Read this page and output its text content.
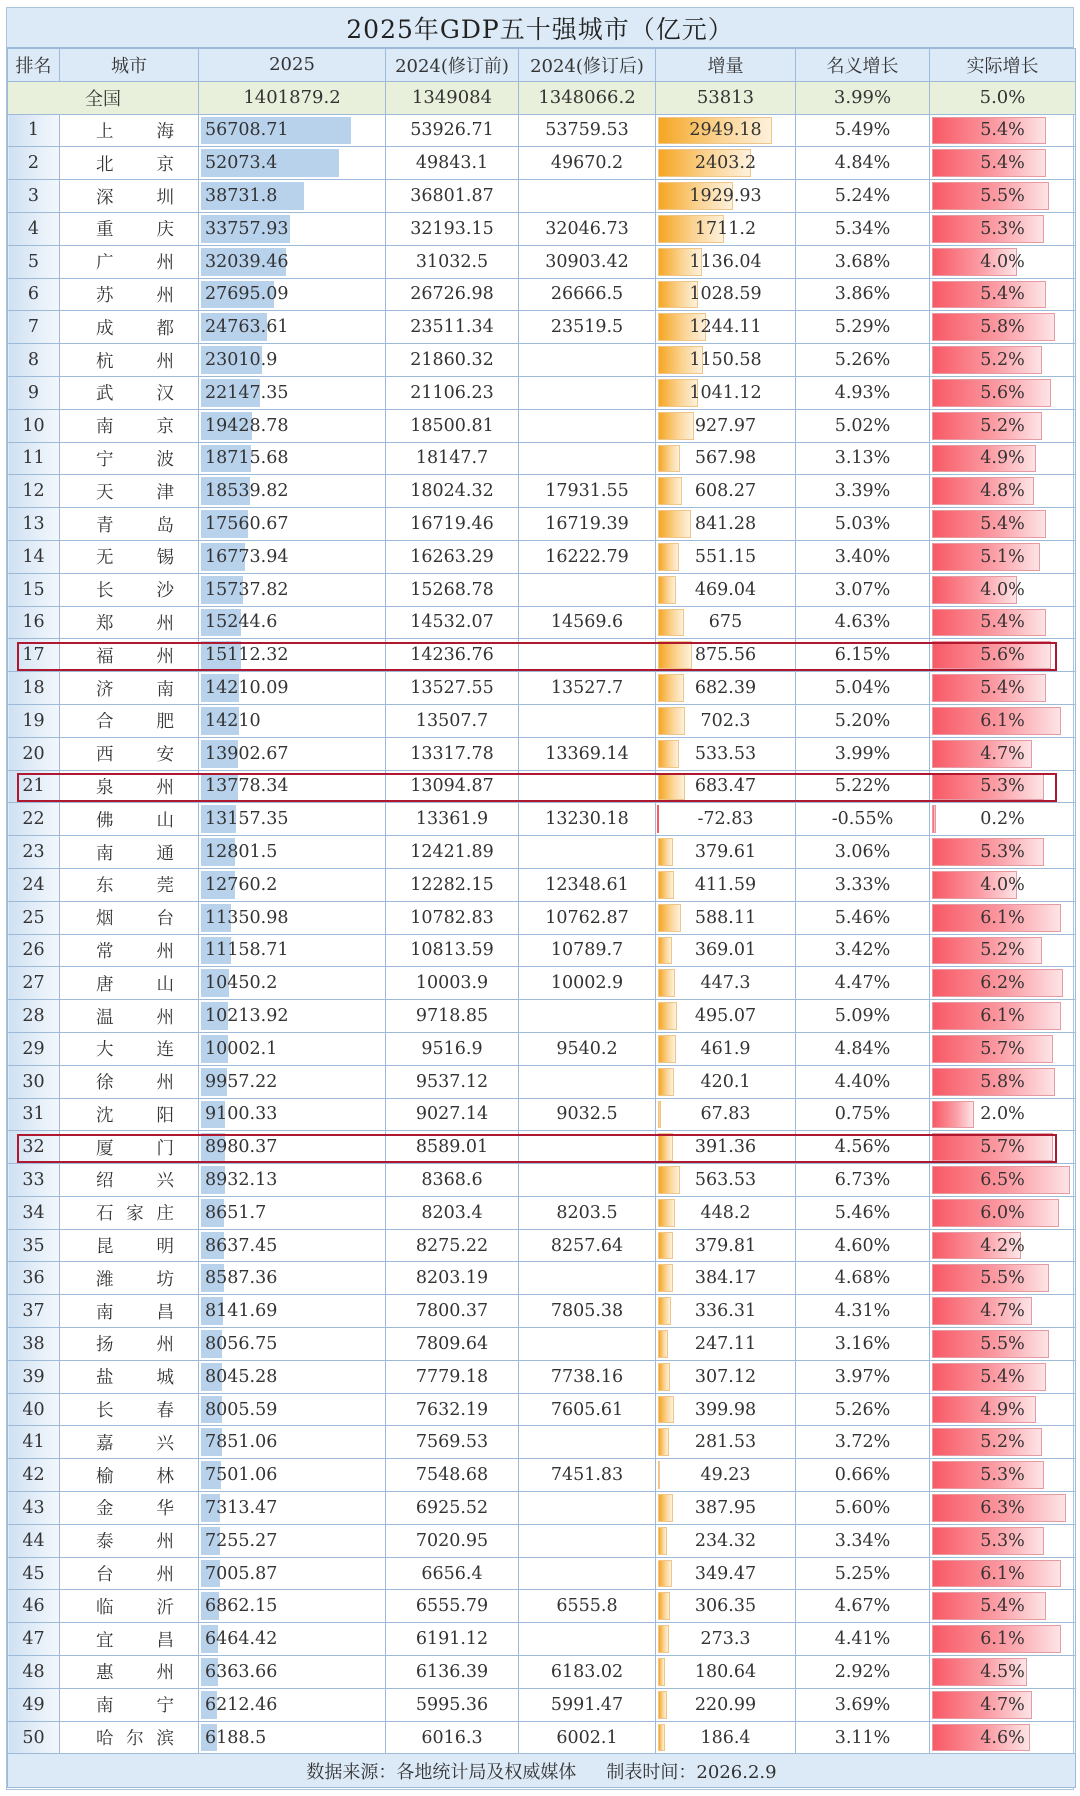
2025年GDP五十强城市（亿元）
排名	城市	2025	2024(修订前)	2024(修订后)	增量	名义增长	实际增长
全国		1401879.2	1349084	1348066.2	53813	3.99%	5.0%
1	上 海	56708.71	53926.71	53759.53	2949.18	5.49%	5.4%
2	北 京	52073.4	49843.1	49670.2	2403.2	4.84%	5.4%
3	深 圳	38731.8	36801.87		1929.93	5.24%	5.5%
4	重 庆	33757.93	32193.15	32046.73	1711.2	5.34%	5.3%
5	广 州	32039.46	31032.5	30903.42	1136.04	3.68%	4.0%
6	苏 州	27695.09	26726.98	26666.5	1028.59	3.86%	5.4%
7	成 都	24763.61	23511.34	23519.5	1244.11	5.29%	5.8%
8	杭 州	23010.9	21860.32		1150.58	5.26%	5.2%
9	武 汉	22147.35	21106.23		1041.12	4.93%	5.6%
10	南 京	19428.78	18500.81		927.97	5.02%	5.2%
11	宁 波	18715.68	18147.7		567.98	3.13%	4.9%
12	天 津	18539.82	18024.32	17931.55	608.27	3.39%	4.8%
13	青 岛	17560.67	16719.46	16719.39	841.28	5.03%	5.4%
14	无 锡	16773.94	16263.29	16222.79	551.15	3.40%	5.1%
15	长 沙	15737.82	15268.78		469.04	3.07%	4.0%
16	郑 州	15244.6	14532.07	14569.6	675	4.63%	5.4%
17	福 州	15112.32	14236.76		875.56	6.15%	5.6%
18	济 南	14210.09	13527.55	13527.7	682.39	5.04%	5.4%
19	合 肥	14210	13507.7		702.3	5.20%	6.1%
20	西 安	13902.67	13317.78	13369.14	533.53	3.99%	4.7%
21	泉 州	13778.34	13094.87		683.47	5.22%	5.3%
22	佛 山	13157.35	13361.9	13230.18	-72.83	-0.55%	0.2%
23	南 通	12801.5	12421.89		379.61	3.06%	5.3%
24	东 莞	12760.2	12282.15	12348.61	411.59	3.33%	4.0%
25	烟 台	11350.98	10782.83	10762.87	588.11	5.46%	6.1%
26	常 州	11158.71	10813.59	10789.7	369.01	3.42%	5.2%
27	唐 山	10450.2	10003.9	10002.9	447.3	4.47%	6.2%
28	温 州	10213.92	9718.85		495.07	5.09%	6.1%
29	大 连	10002.1	9516.9	9540.2	461.9	4.84%	5.7%
30	徐 州	9957.22	9537.12		420.1	4.40%	5.8%
31	沈 阳	9100.33	9027.14	9032.5	67.83	0.75%	2.0%
32	厦 门	8980.37	8589.01		391.36	4.56%	5.7%
33	绍 兴	8932.13	8368.6		563.53	6.73%	6.5%
34	石 家 庄	8651.7	8203.4	8203.5	448.2	5.46%	6.0%
35	昆 明	8637.45	8275.22	8257.64	379.81	4.60%	4.2%
36	潍 坊	8587.36	8203.19		384.17	4.68%	5.5%
37	南 昌	8141.69	7800.37	7805.38	336.31	4.31%	4.7%
38	扬 州	8056.75	7809.64		247.11	3.16%	5.5%
39	盐 城	8045.28	7779.18	7738.16	307.12	3.97%	5.4%
40	长 春	8005.59	7632.19	7605.61	399.98	5.26%	4.9%
41	嘉 兴	7851.06	7569.53		281.53	3.72%	5.2%
42	榆 林	7501.06	7548.68	7451.83	49.23	0.66%	5.3%
43	金 华	7313.47	6925.52		387.95	5.60%	6.3%
44	泰 州	7255.27	7020.95		234.32	3.34%	5.3%
45	台 州	7005.87	6656.4		349.47	5.25%	6.1%
46	临 沂	6862.15	6555.79	6555.8	306.35	4.67%	5.4%
47	宜 昌	6464.42	6191.12		273.3	4.41%	6.1%
48	惠 州	6363.66	6136.39	6183.02	180.64	2.92%	4.5%
49	南 宁	6212.46	5995.36	5991.47	220.99	3.69%	4.7%
50	哈 尔 滨	6188.5	6016.3	6002.1	186.4	3.11%	4.6%
数据来源：各地统计局及权威媒体 制表时间：2026.2.9							
